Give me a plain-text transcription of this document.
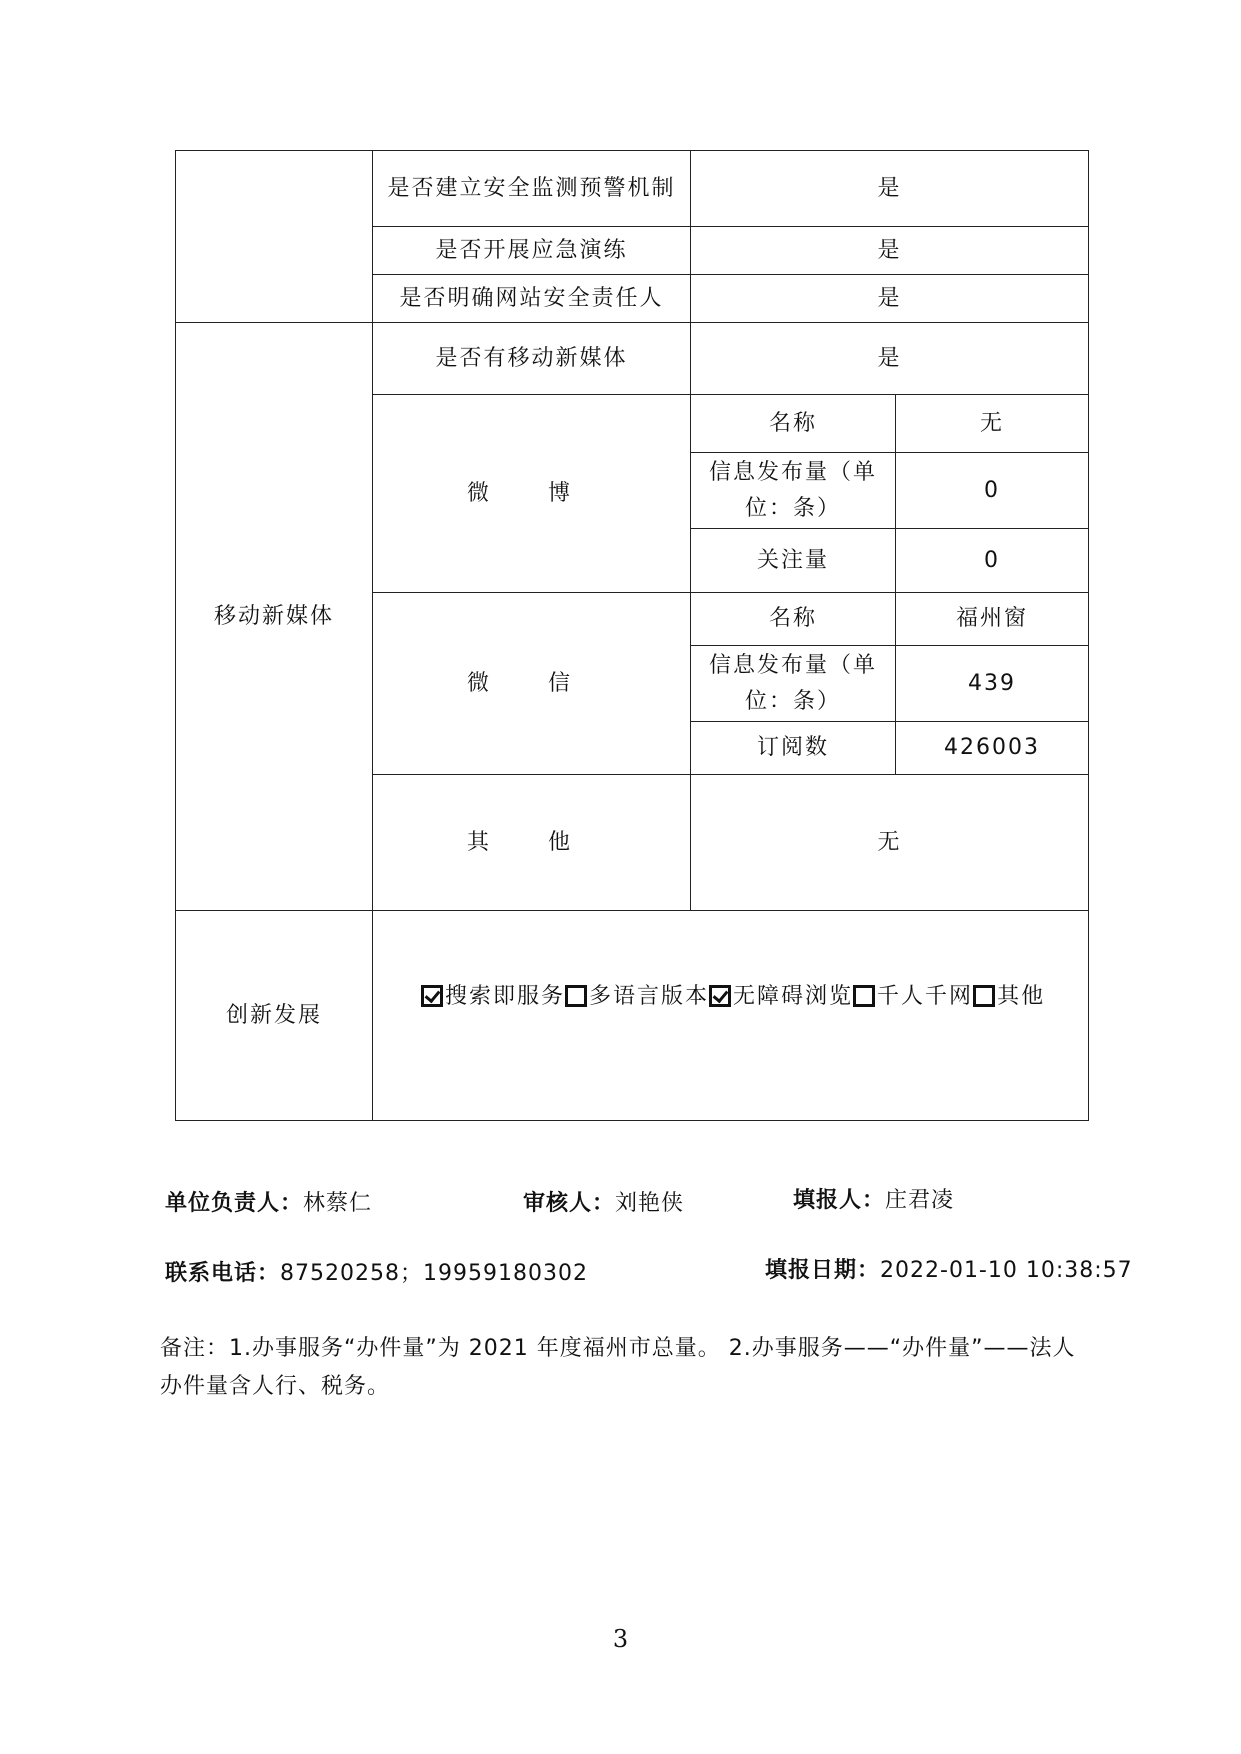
	是否建立安全监测预警机制	是	
	是否开展应急演练	是	
	是否明确网站安全责任人	是	
移动新媒体	是否有移动新媒体	是	
	微 博	名称	无
		信息发布量（单位：条）	0
		关注量	0
	微 信	名称	福州窗
		信息发布量（单位：条）	439
		订阅数	426003
	其 他	无	

创新发展	搜索即服务 多语言版本 无障碍浏览 千人千网 其他		
单位负责人：林蔡仁	审核人：刘艳侠	填报人：庄君凌
联系电话：87520258；19959180302	填报日期：2022-01-10 10:38:57
备注：1.办事服务“办件量”为 2021 年度福州市总量。 2.办事服务——“办件量”——法人办件量含人行、税务。
3
